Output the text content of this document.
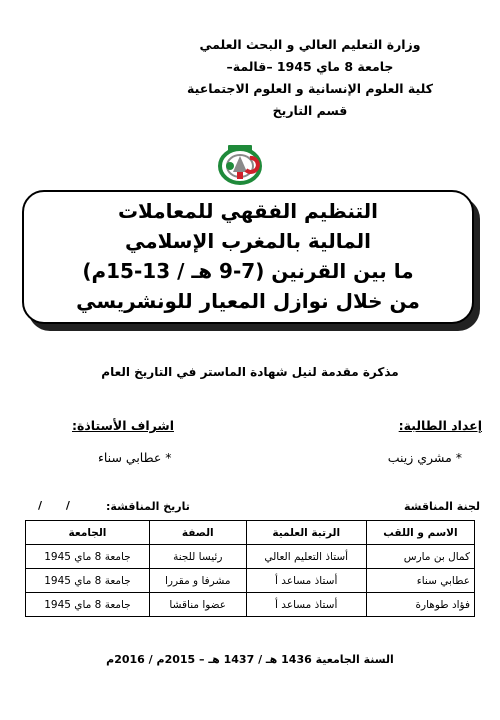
وزارة التعليم العالي و البحث العلمي
جامعة 8 ماي 1945 –قالمة–
كلية العلوم الإنسانية و العلوم الاجتماعية
قسم التاريخ
التنظيم الفقهي للمعاملات
المالية بالمغرب الإسلامي
ما بين القرنين (7-9 هـ / 13-15م)
من خلال نوازل المعيار للونشريسي
مذكرة مقدمة لنيل شهادة الماستر في التاريخ العام
إعداد الطالبة:
* مشري زينب
اشراف الأستاذة:
* عطابي سناء
لجنة المناقشة
تاريخ المناقشة:
/ /
الاسم و اللقب	الرتبة العلمية	الصفة	الجامعة
كمال بن مارس	أستاذ التعليم العالي	رئيسا للجنة	جامعة 8 ماي 1945
عطابي سناء	أستاذ مساعد أ	مشرفا و مقررا	جامعة 8 ماي 1945
فؤاد طوهارة	أستاذ مساعد أ	عضوا مناقشا	جامعة 8 ماي 1945
السنة الجامعية 1436 هـ / 1437 هـ – 2015م / 2016م
